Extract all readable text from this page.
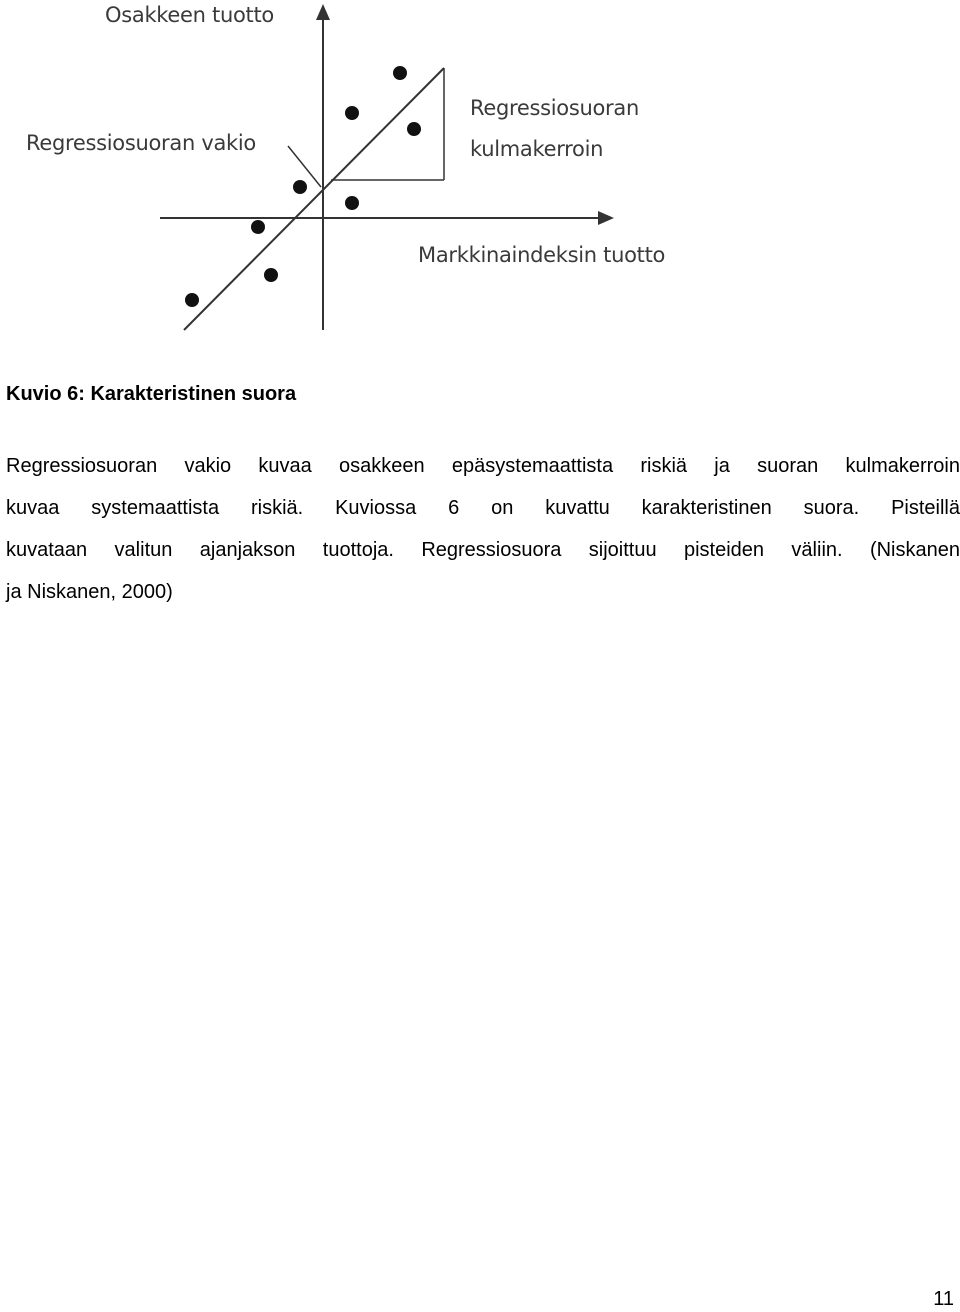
Osakkeen tuotto
Regressiosuoran vakio
Regressiosuoran
kulmakerroin
Markkinaindeksin tuotto
Kuvio 6: Karakteristinen suora
Regressiosuoran vakio kuvaa osakkeen epäsystemaattista riskiä ja suoran kulmakerroin
kuvaa systemaattista riskiä. Kuviossa 6 on kuvattu karakteristinen suora. Pisteillä
kuvataan valitun ajanjakson tuottoja. Regressiosuora sijoittuu pisteiden väliin. (Niskanen
ja Niskanen, 2000)
11
